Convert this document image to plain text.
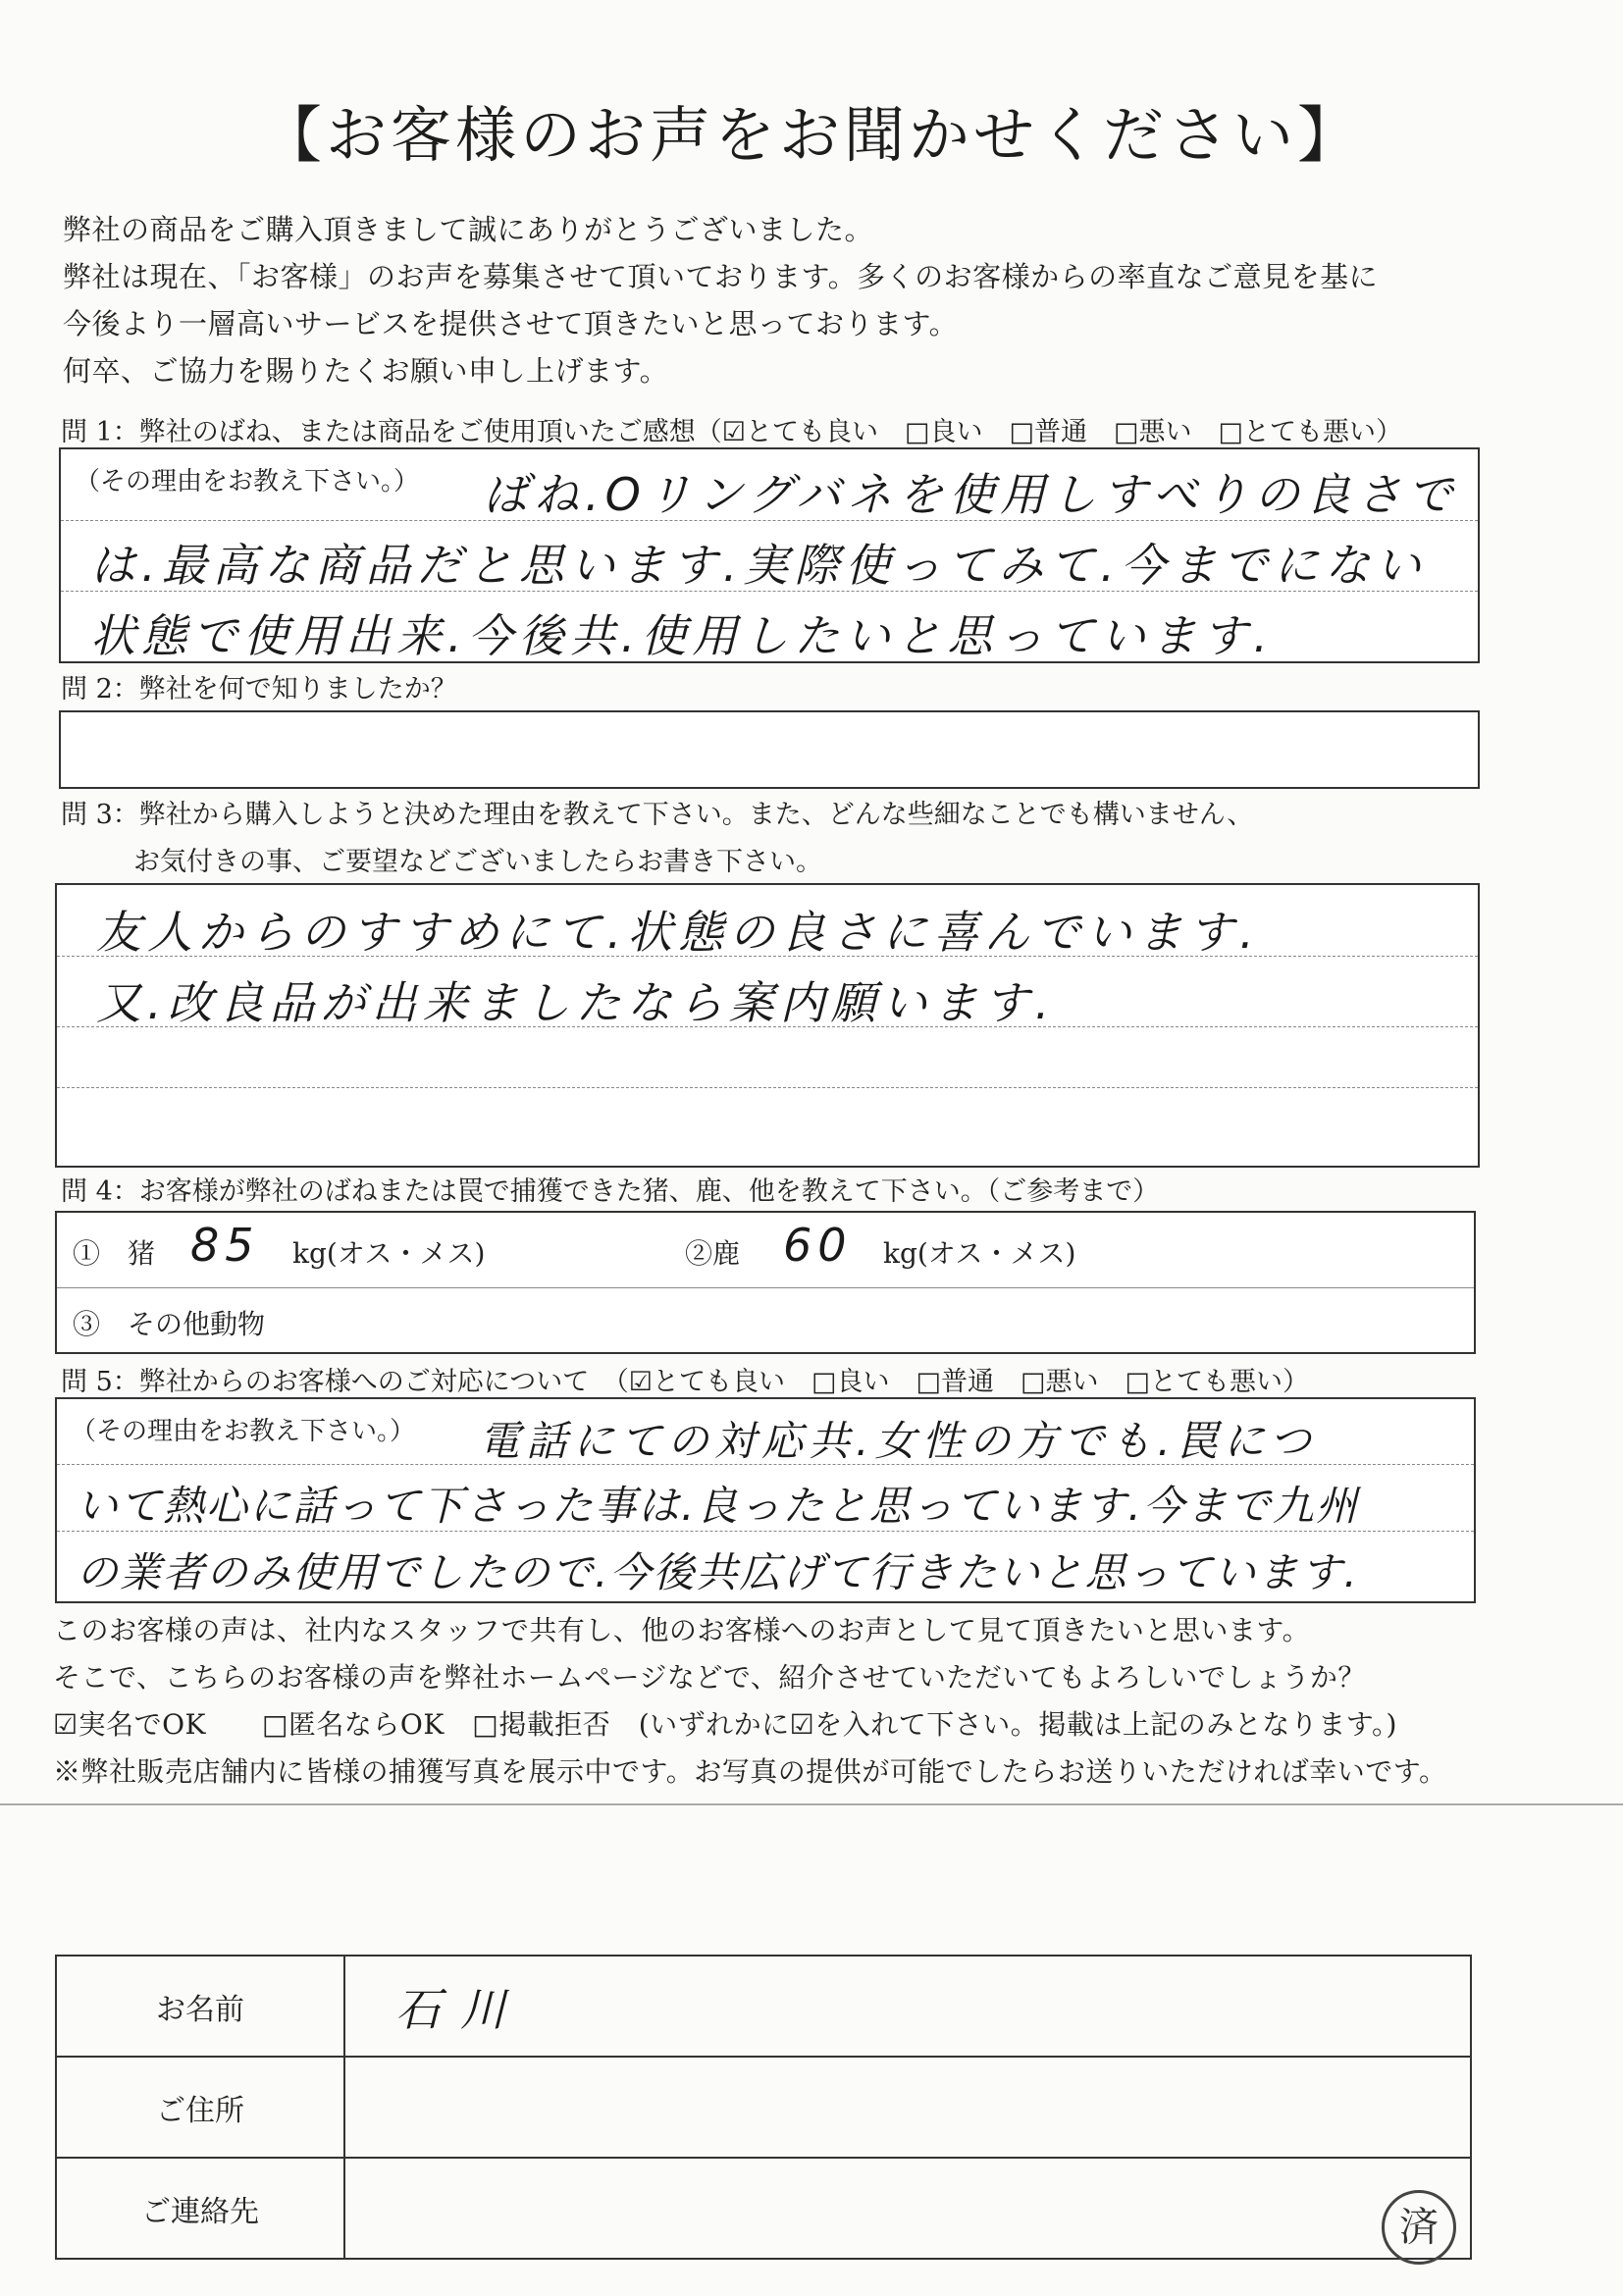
【お客様のお声をお聞かせください】
弊社の商品をご購入頂きまして誠にありがとうございました。
弊社は現在、「お客様」のお声を募集させて頂いております。多くのお客様からの率直なご意見を基に
今後より一層高いサービスを提供させて頂きたいと思っております。
何卒、ご協力を賜りたくお願い申し上げます。
問 1：弊社のばね、または商品をご使用頂いたご感想（☑とても良い　□良い　□普通　□悪い　□とても悪い）
（その理由をお教え下さい。） ばね.Oリングバネを使用しすべりの良さで
は.最高な商品だと思います.実際使ってみて.今までにない
状態で使用出来.今後共.使用したいと思っています.
問 2：弊社を何で知りましたか？
問 3：弊社から購入しようと決めた理由を教えて下さい。また、どんな些細なことでも構いません、
お気付きの事、ご要望などございましたらお書き下さい。
友人からのすすめにて.状態の良さに喜んでいます.
又.改良品が出来ましたなら案内願います.
問 4：お客様が弊社のばねまたは罠で捕獲できた猪、鹿、他を教えて下さい。（ご参考まで）
①　猪 85 kg(オス・メス)	②鹿 60 kg(オス・メス)
③　その他動物
問 5：弊社からのお客様へのご対応について　 （☑とても良い　□良い　□普通　□悪い　□とても悪い）
（その理由をお教え下さい。） 電話にての対応共.女性の方でも.罠につ
いて熱心に話って下さった事は.良ったと思っています.今まで九州
の業者のみ使用でしたので.今後共広げて行きたいと思っています.
このお客様の声は、社内なスタッフで共有し、他のお客様へのお声として見て頂きたいと思います。
そこで、こちらのお客様の声を弊社ホームページなどで、紹介させていただいてもよろしいでしょうか？
☑実名でOK　　□匿名ならOK　□掲載拒否　(いずれかに☑を入れて下さい。掲載は上記のみとなります。)
※弊社販売店舗内に皆様の捕獲写真を展示中です。お写真の提供が可能でしたらお送りいただければ幸いです。
お名前	石川
ご住所	
ご連絡先		済
